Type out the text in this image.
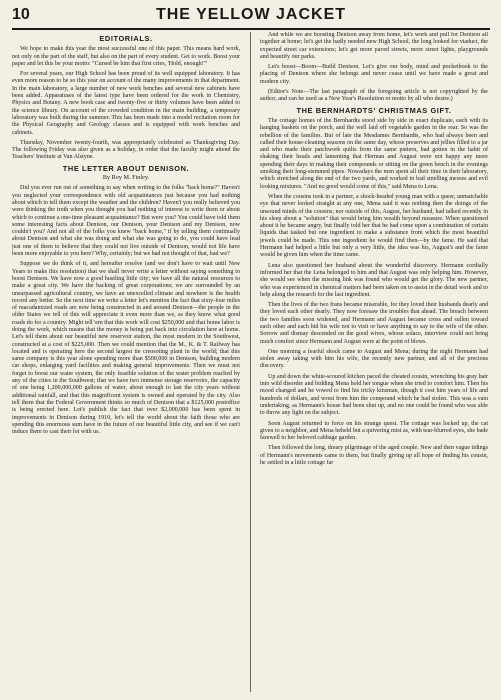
10	THE YELLOW JACKET
EDITORIALS.

We hope to make this year the most successful one of this paper. This means hard work, not only on the part of the staff, but also on the part of every student. Get to work. Boost your paper and let this be your motto: "Cursed be him that first cries, 'Hold, enough!'"

For several years, our High School has been proud of its well equipped laboratory. It has even more reason to be so this year on account of the many improvements in that department. In the main laboratory, a large number of new work benches and several new cabinets have been added. Apparatuses of the latest type have been ordered for the work in Chemistry, Physics and Botany. A new book case and twenty-five or thirty volumes have been added to the science library. On account of the crowded condition in the main building, a temporary laboratory was built during the summer. This has been made into a model recitation room for the Physical Geography and Geology classes and is equipped with work benches and cabinets.

Thursday, November twenty-fourth, was appropriately celebrated as Thanksgiving Day. The following Friday was also given as a holiday, in order that the faculty might attend the Teachers' Institute at Van Alstyne.

THE LETTER ABOUT DENISON.
By Roy M. Finley.

Did you ever run out of something to say when writing to the folks "back home?" Haven't you neglected your correspondence with old acquaintances just because you had nothing about which to tell them except the weather and the children? Haven't you really believed you were thinking the truth when you thought you had nothing of interest to write them or about which to continue a one-time pleasant acquaintance? But were you? You could have told them some interesting facts about Denison, our Denison, your Denison and my Denison, now couldn't you? And not all of the folks you knew "back home," if by telling them continually about Denison and what she was doing and what she was going to do, you could have lead just one of them to believe that they could not live outside of Denison, would not life have been more enjoyable to you here? Why, certainly; but we had not thought of that, had we?

Suppose we do think of it, and hereafter resolve (and we don't have to wait until New Years to make this resolution) that we shall never write a letter without saying something to boost Denison. We have now a good hustling little city; we have all the natural resources to make a great city. We have the backing of great corporations; we are surrounded by an unsurpassed agricultural country, we have an unexcelled climate and nowhere is the health record any better. So the next time we write a letter let's mention the fact that sixty-four miles of macadamized roads are now being constructed in and around Denison—the people in the older States we tell of this will appreciate it even more than we, as they know what good roads do for a country. Might tell 'em that this work will cost $250,000 and that home labor is doing the work, which means that the money is being put back into circulation here at home. Let's tell them about our beautiful new reservoir station, the most modern in the Southwest, constructed at a cost of $225,000. Then we could mention that the M., K. & T. Railway has located and is operating here the second largest tie creosoting plant in the world; that this same company is this year alone spending more than $500,000 in Denison, building modern car shops, enlarging yard facilities and making general improvements. Then we must not forget to boost our water system, the only feasible solution of the water problem reached by any of the cities in the Southwest; that we have two immense storage reservoirs, the capacity of one being 1,200,000,000 gallons of water, about enough to last the city years without additional rainfall, and that this magnificent system is owned and operated by the city. Also tell them that the Federal Government thinks so much of Denison that a $125,000 postoffice is being erected here. Let's publish the fact that over $2,000,000 has been spent in improvements in Denison during 1910, let's tell the world about the faith those who are spending this enormous sum have in the future of our beautiful little city, and see if we can't induce them to cast their lot with us.

And while we are boosting Denison away from home, let's work and pull for Denison all together at home; let's get the badly needed new High School, the long looked for viaduct, the expected street car extensions; let's get more paved streets, more street lights, playgrounds and beautify our parks.

Let's boost—Boom—Build Denison. Let's give our body, mind and pocketbook to the placing of Denison where she belongs and never cease until we have made a great and modern city.

(Editor's Note—The last paragraph of the foregoing article is not copyrighted by the author, and can be used as a New Year's Resolution or motto by all who desire.)

THE BERNHARDTS' CHRISTMAS GIFT.

The cottage homes of the Bernhardts stood side by side in exact duplicate, each with its hanging baskets on the porch, and the well laid off vegetable garden in the rear. So was the rebellion of the families. But of late the Mesdames Bernhardts, who had always been and called their house-cleaning seasons on the same day, whose preserves and jellies filled to a jar and who made their patchwork quilts from the same pattern, had gotten in the habit of shaking their heads and lamenting that Herman and August were not happy any more spending their days in making their compounds or sitting on the green bench in the evenings smoking their long-stemmed pipes. Nowadays the men spent all their time in their laboratory, which stretched along the end of the two yards, and worked in bad smelling messes and evil looking mixtures. "And no good would come of this," said Mena to Lena.

When the cousins took in a partner, a shock-headed young man with a queer, unmatchable eye that never looked straight at any one, Mena said it was nothing then the doings of the unsound minds of the cousins; nor outside of this, August, her husband, had talked recently in his sleep about a "solution" that would bring him wealth beyond measure. When questioned about it he became angry, but finally told her that he had come upon a combination of certain liquids that tasked but one ingredient to make a substance from which the most beautiful jewels could be made. This one ingredient he would find then—by the fame. He said that Hermann had helped a little but only a very little, the idea was his, August's and the fame would be given him when the time came.

Lena also questioned her husband about the wonderful discovery. Hermann cordially informed her that the Lena belonged to him and that August was only helping him. However, she would see when the missing link was found who would get the glory. The new partner, who was experienced in chemical matters had been taken on to assist in the detail work and to help along the research for the last ingredient.

Then the lives of the two frans became miserable, for they loved their husbands dearly and they loved each other dearly. They now foresaw the troubles that ahead. The breach between the two families soon widened, and Hermann and August became cross and sullen toward each other and each hid his wife not to visit or have anything to say to the wife of the other. Sorrow and dismay descended on the good wives, whose solace, interview could not bring much comfort since Hermann and August were at the point of blows.

One morning a fearful shock came to August and Mena; during the night Hermann had stolen away taking with him his wife, the recently new partner, and all of the precious discovery.

Up and down the white-scoured kitchen paced the cheated cousin, wrenching his gray hair into wild disorder and bidding Mena hold her tongue when she tried to comfort him. Then his mood changed and he vowed to find his tricky kinsman, though it cost him years of life and hundreds of dollars, and wrest from him the compound which he had stolen. This was a vain undertaking, as Hermann's house had been shut up, and no one could be found who was able to throw any light on the subject.

Soon August returned to force on his strange quest. The cottage was locked up, the cat given to a neighbor, and Mena beheld but a quivering mist as, with tear-blurred eyes, she bade farewell to her beloved cabbage garden.

Then followed the long, dreary pilgrimage of the aged couple. New and then vague tidings of Hermann's movements came to them, but finally giving up all hope of finding his cousin, he settled in a little cottage far
